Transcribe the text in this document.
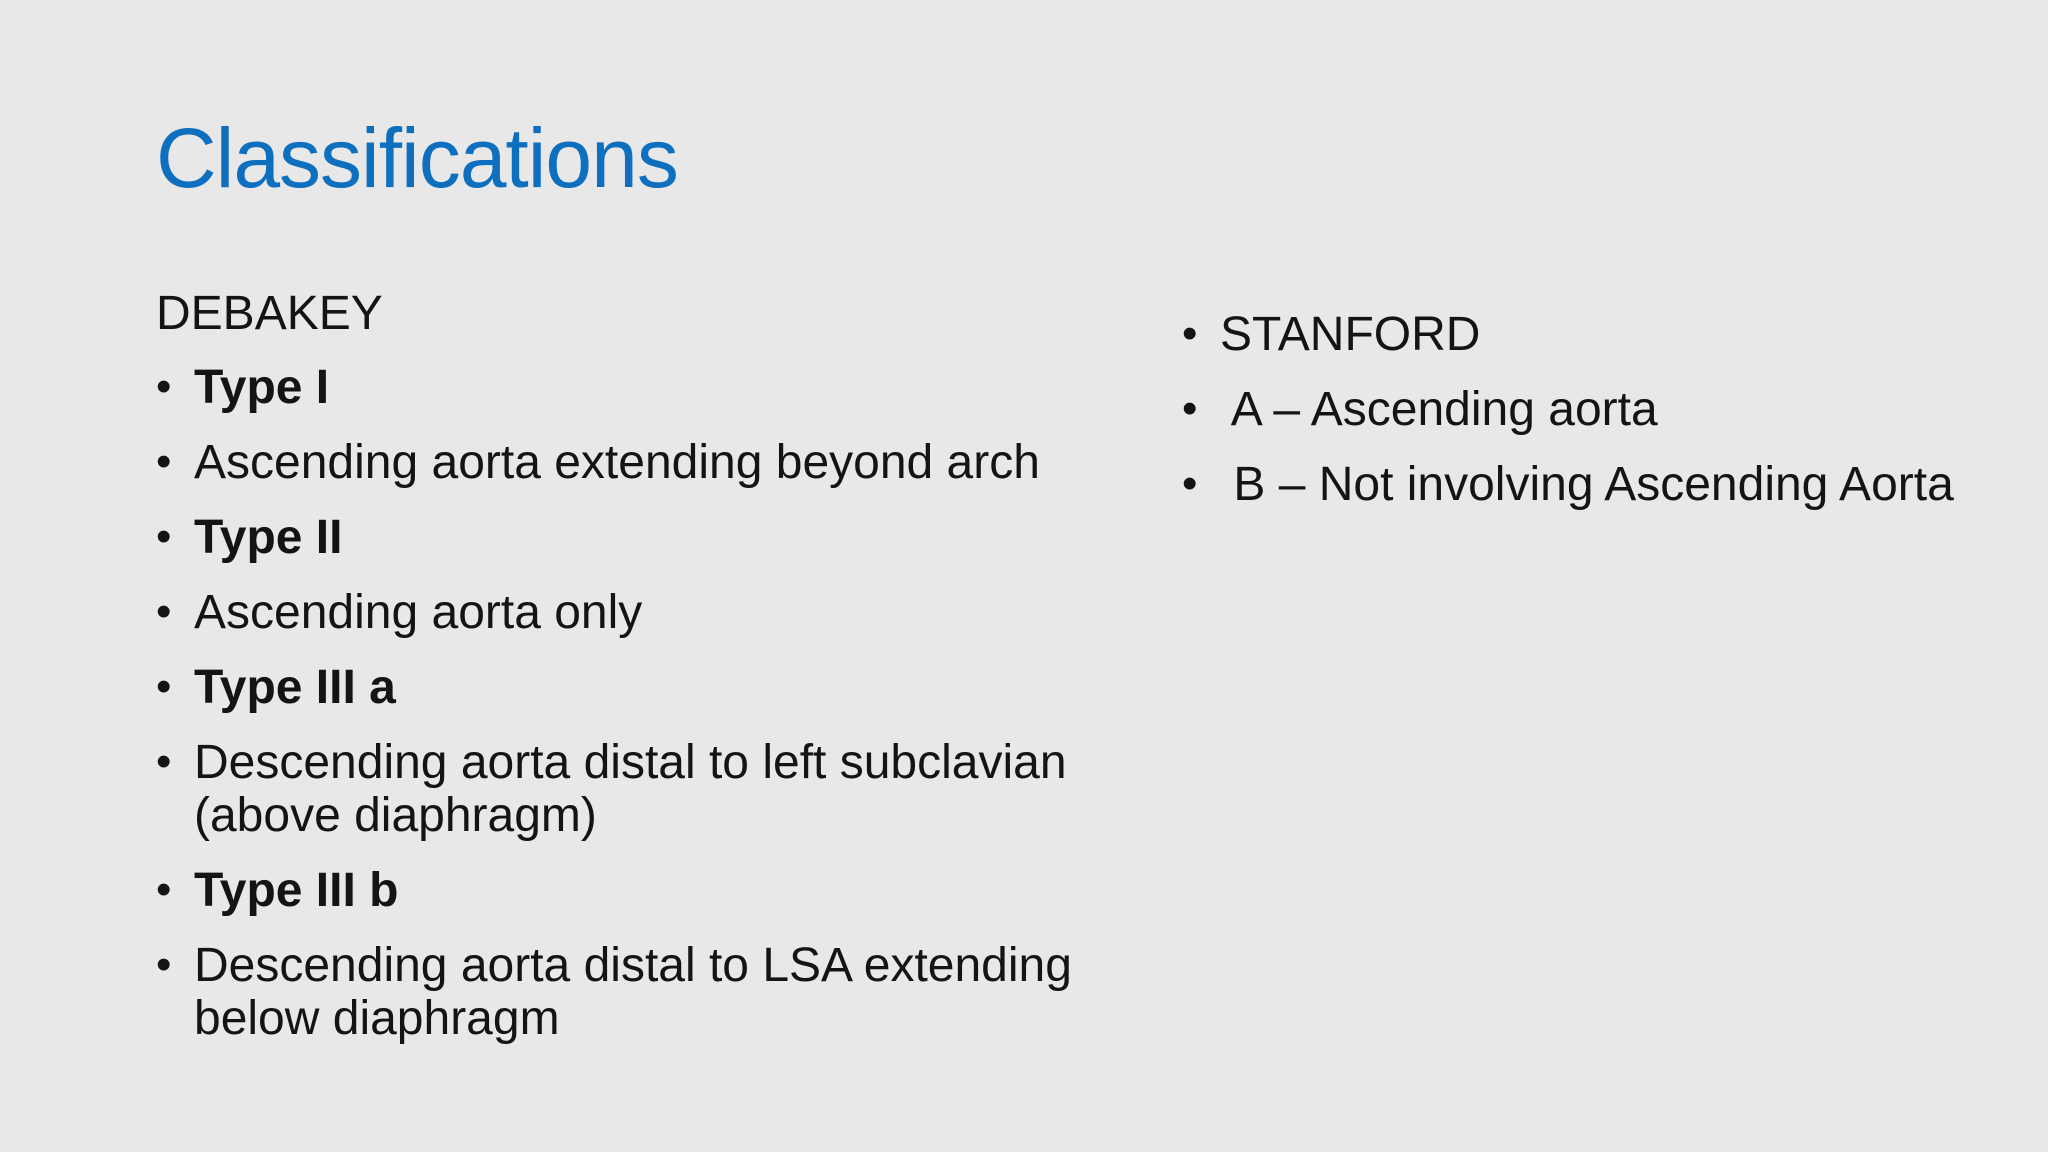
Classifications
DEBAKEY
• Type I
• Ascending aorta extending beyond arch
• Type II
• Ascending aorta only
• Type III a
• Descending aorta distal to left subclavian (above diaphragm)
• Type III b
• Descending aorta distal to LSA extending below diaphragm
• STANFORD
• A – Ascending aorta
• B – Not involving Ascending Aorta
